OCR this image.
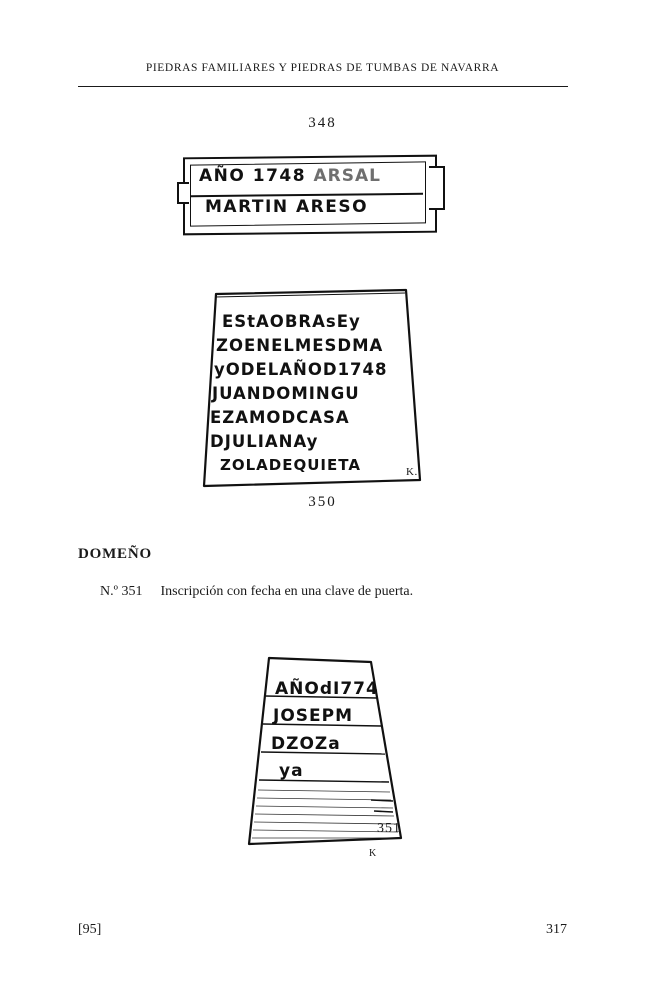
PIEDRAS FAMILIARES Y PIEDRAS DE TUMBAS DE NAVARRA
348
AÑO 1748 ARSAL
MARTIN ARESO
EStAOBRAsEy
ZOENELMESDMA
yODELAÑOD1748
JUANDOMINGU
EZAMODCASA
DJULIANAy
ZOLADEQUIETA	K.
350
DOMEÑO
N.º 351 Inscripción con fecha en una clave de puerta.
AÑOdI774
JOSEPM
DZOZa
ya
351
K
[95]	317
